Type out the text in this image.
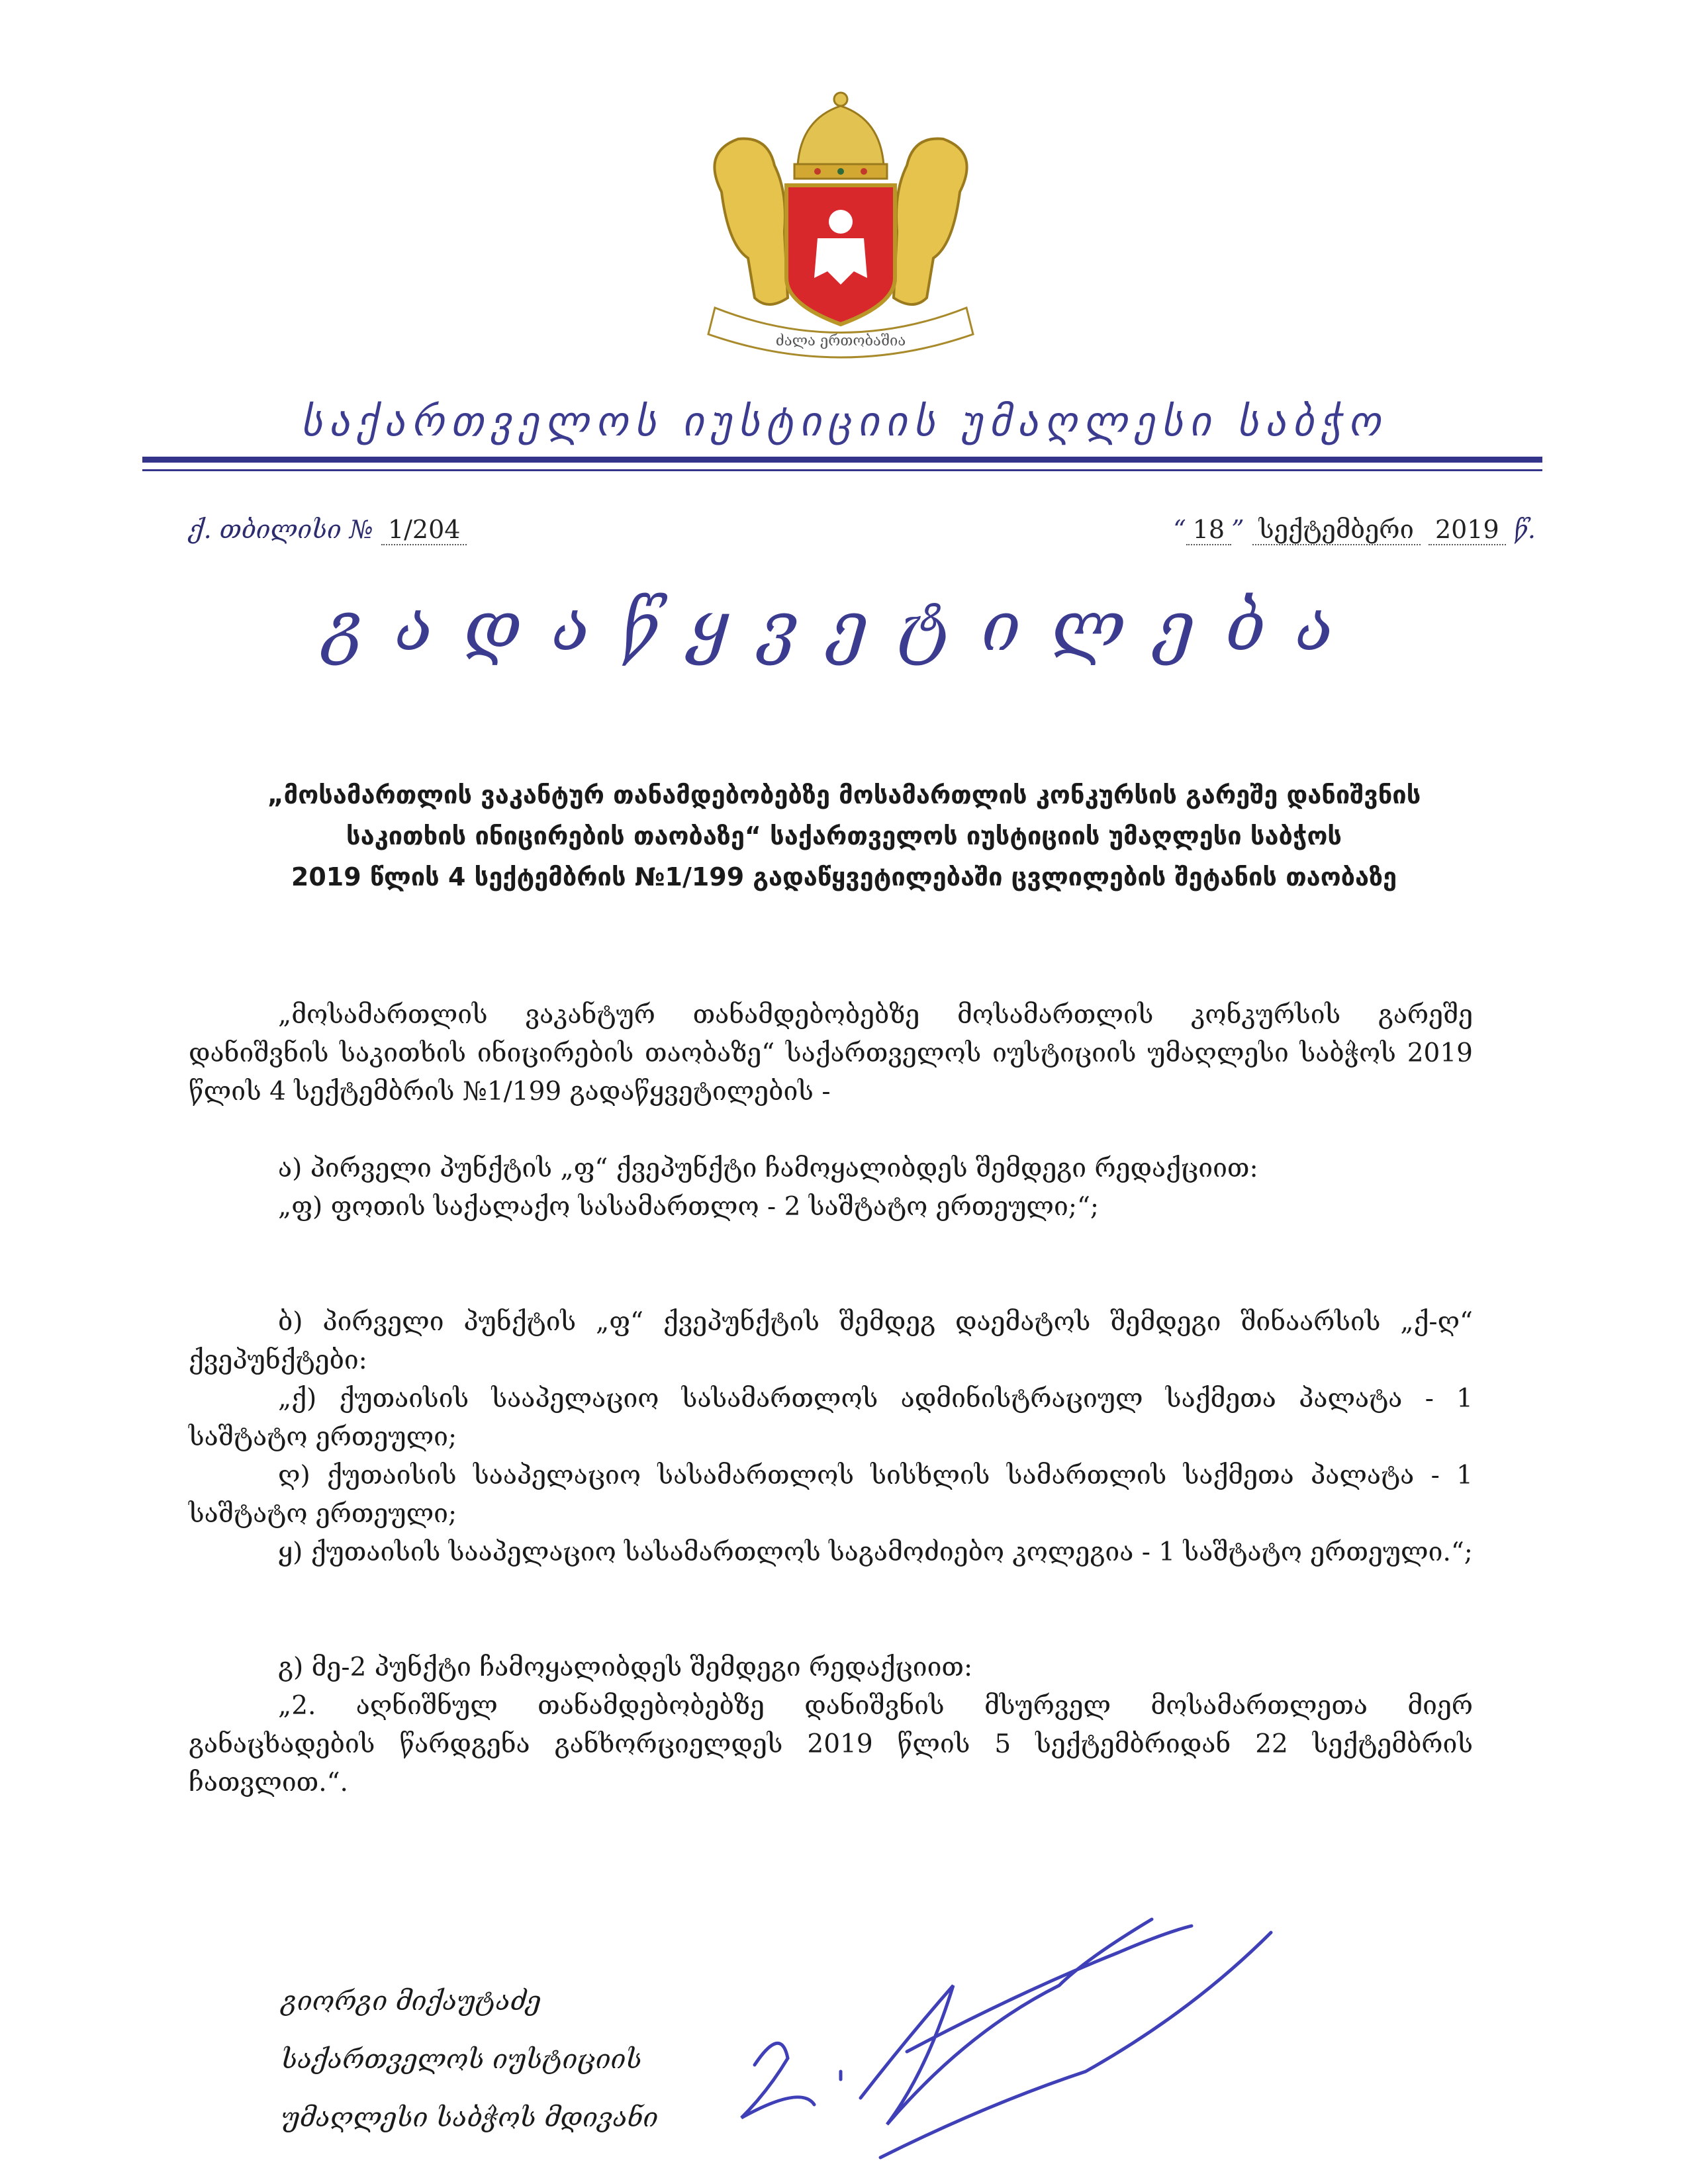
ძალა ერთობაშია
საქართველოს იუსტიციის უმაღლესი საბჭო
ქ. თბილისი № 1/204	“ 18 ” სექტემბერი 2019 წ.
გადაწყვეტილება
„მოსამართლის ვაკანტურ თანამდებობებზე მოსამართლის კონკურსის გარეშე დანიშვნის
საკითხის ინიცირების თაობაზე“ საქართველოს იუსტიციის უმაღლესი საბჭოს
2019 წლის 4 სექტემბრის №1/199 გადაწყვეტილებაში ცვლილების შეტანის თაობაზე

„მოსამართლის ვაკანტურ თანამდებობებზე მოსამართლის კონკურსის გარეშე დანიშვნის საკითხის ინიცირების თაობაზე“ საქართველოს იუსტიციის უმაღლესი საბჭოს 2019 წლის 4 სექტემბრის №1/199 გადაწყვეტილების -

ა) პირველი პუნქტის „ფ“ ქვეპუნქტი ჩამოყალიბდეს შემდეგი რედაქციით:

„ფ) ფოთის საქალაქო სასამართლო - 2 საშტატო ერთეული;“;

ბ) პირველი პუნქტის „ფ“ ქვეპუნქტის შემდეგ დაემატოს შემდეგი შინაარსის „ქ-ღ“ ქვეპუნქტები:

„ქ) ქუთაისის სააპელაციო სასამართლოს ადმინისტრაციულ საქმეთა პალატა - 1 საშტატო ერთეული;

ღ) ქუთაისის სააპელაციო სასამართლოს სისხლის სამართლის საქმეთა პალატა - 1 საშტატო ერთეული;

ყ) ქუთაისის სააპელაციო სასამართლოს საგამოძიებო კოლეგია - 1 საშტატო ერთეული.“;

გ) მე-2 პუნქტი ჩამოყალიბდეს შემდეგი რედაქციით:

„2. აღნიშნულ თანამდებობებზე დანიშვნის მსურველ მოსამართლეთა მიერ განაცხადების წარდგენა განხორციელდეს 2019 წლის 5 სექტემბრიდან 22 სექტემბრის ჩათვლით.“.

გიორგი მიქაუტაძე
საქართველოს იუსტიციის
უმაღლესი საბჭოს მდივანი
